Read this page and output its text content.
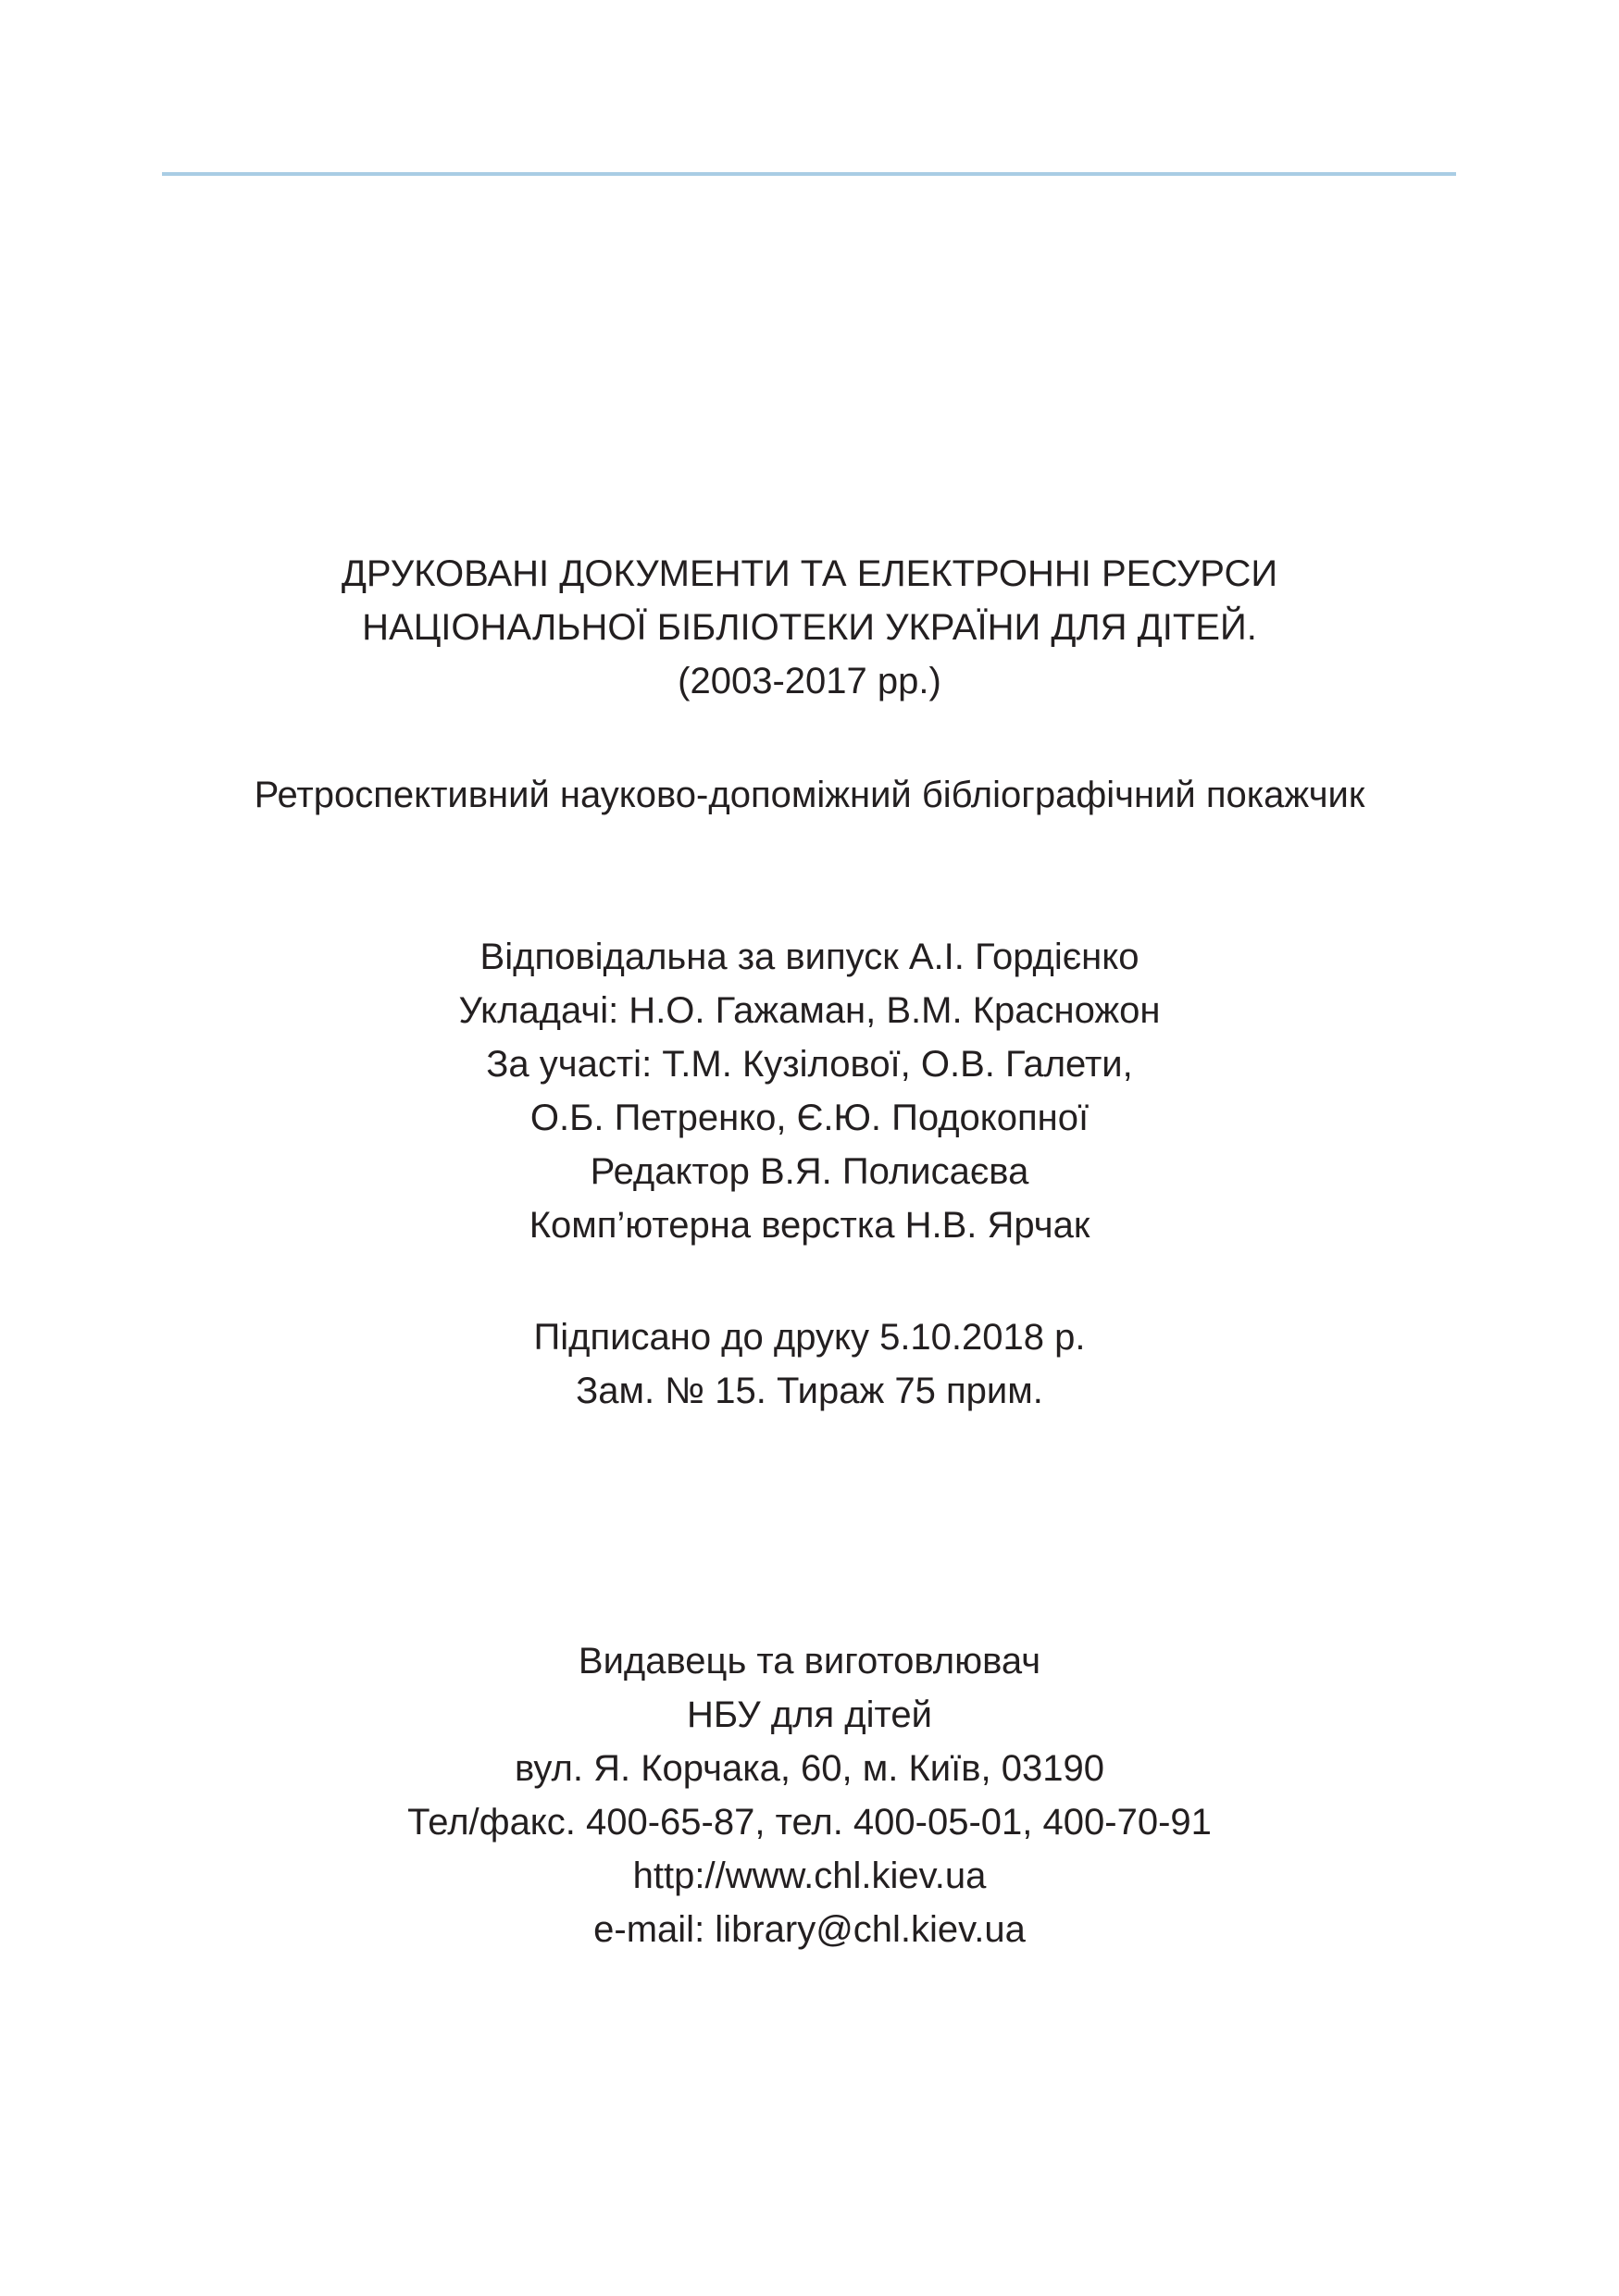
ДРУКОВАНІ ДОКУМЕНТИ ТА ЕЛЕКТРОННІ РЕСУРСИ
НАЦІОНАЛЬНОЇ БІБЛІОТЕКИ УКРАЇНИ ДЛЯ ДІТЕЙ.
(2003-2017 рр.)
Ретроспективний науково-допоміжний бібліографічний покажчик
Відповідальна за випуск А.І. Гордієнко
Укладачі: Н.О. Гажаман, В.М. Красножон
За участі: Т.М. Кузілової, О.В. Галети,
О.Б. Петренко, Є.Ю. Подокопної
Редактор В.Я. Полисаєва
Комп’ютерна верстка Н.В. Ярчак
Підписано до друку 5.10.2018 р.
Зам. № 15. Тираж 75 прим.
Видавець та виготовлювач
НБУ для дітей
вул. Я. Корчака, 60, м. Київ, 03190
Тел/факс. 400-65-87, тел. 400-05-01, 400-70-91
http://www.chl.kiev.ua
e-mail: library@chl.kiev.ua
